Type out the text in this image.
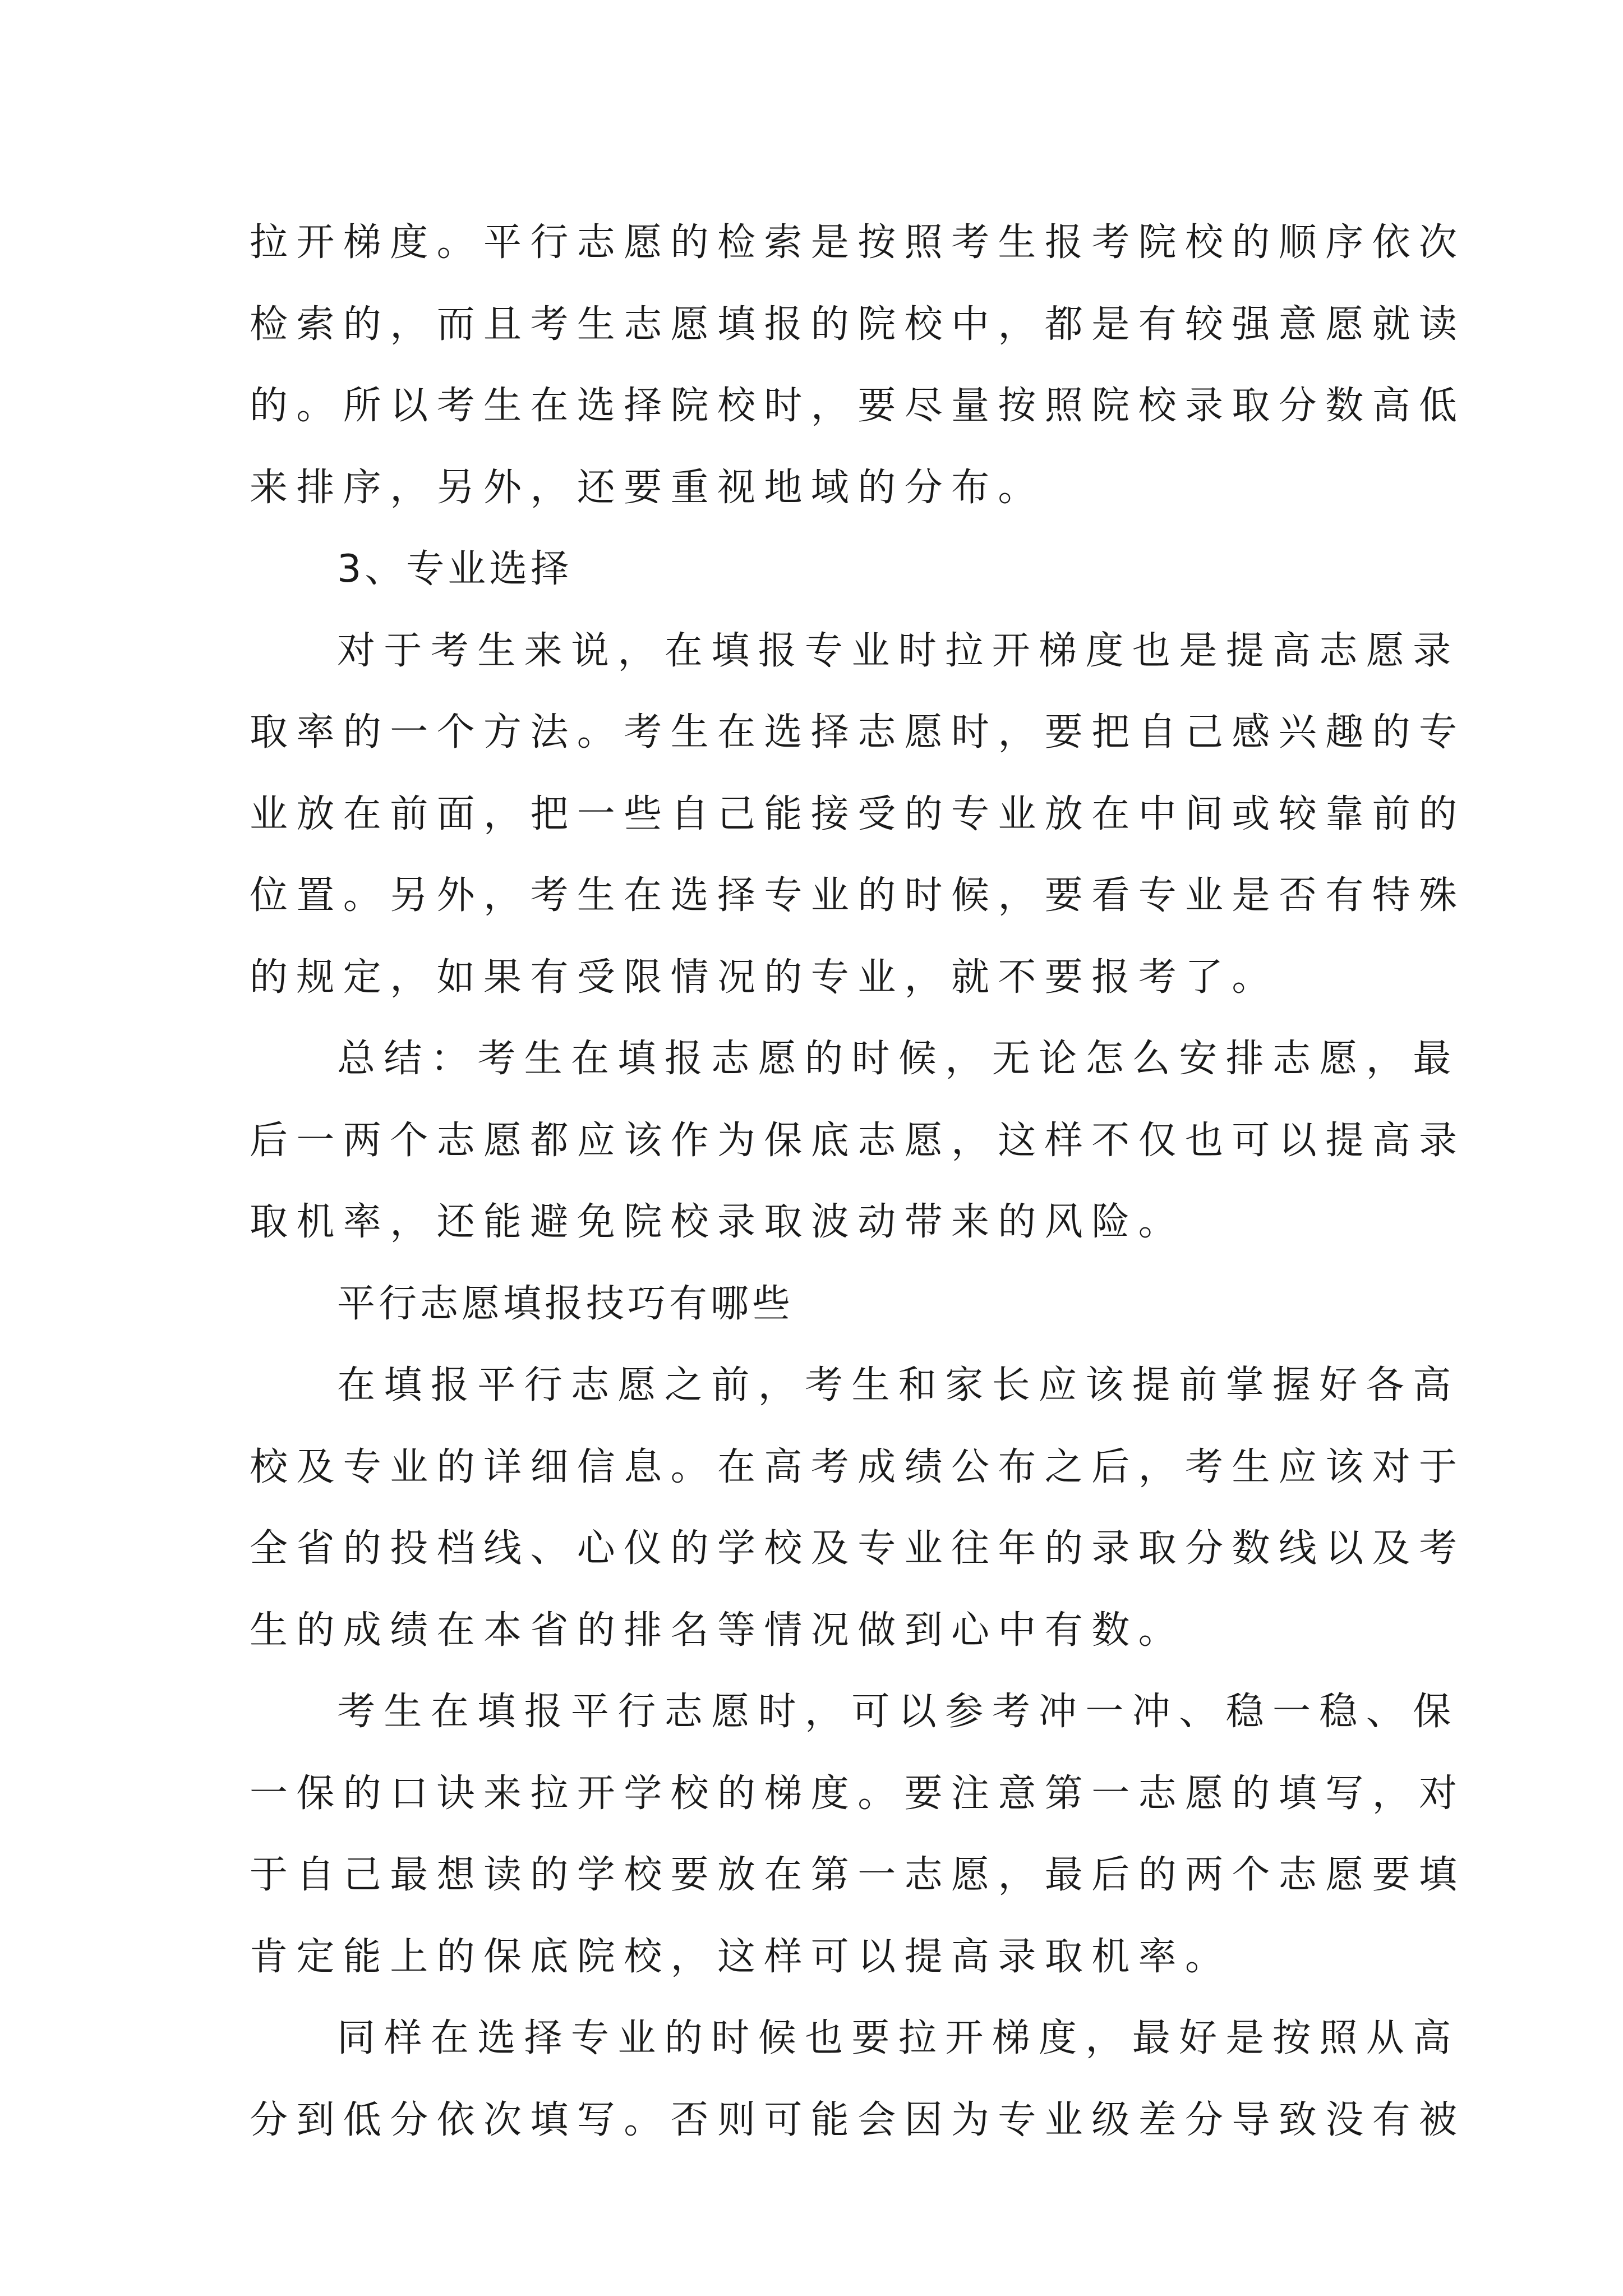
拉开梯度。平行志愿的检索是按照考生报考院校的顺序依次
检索的，而且考生志愿填报的院校中，都是有较强意愿就读
的。所以考生在选择院校时，要尽量按照院校录取分数高低
来排序，另外，还要重视地域的分布。
3、专业选择
对于考生来说，在填报专业时拉开梯度也是提高志愿录
取率的一个方法。考生在选择志愿时，要把自己感兴趣的专
业放在前面，把一些自己能接受的专业放在中间或较靠前的
位置。另外，考生在选择专业的时候，要看专业是否有特殊
的规定，如果有受限情况的专业，就不要报考了。
总结：考生在填报志愿的时候，无论怎么安排志愿，最
后一两个志愿都应该作为保底志愿，这样不仅也可以提高录
取机率，还能避免院校录取波动带来的风险。
平行志愿填报技巧有哪些
在填报平行志愿之前，考生和家长应该提前掌握好各高
校及专业的详细信息。在高考成绩公布之后，考生应该对于
全省的投档线、心仪的学校及专业往年的录取分数线以及考
生的成绩在本省的排名等情况做到心中有数。
考生在填报平行志愿时，可以参考冲一冲、稳一稳、保
一保的口诀来拉开学校的梯度。要注意第一志愿的填写，对
于自己最想读的学校要放在第一志愿，最后的两个志愿要填
肯定能上的保底院校，这样可以提高录取机率。
同样在选择专业的时候也要拉开梯度，最好是按照从高
分到低分依次填写。否则可能会因为专业级差分导致没有被
